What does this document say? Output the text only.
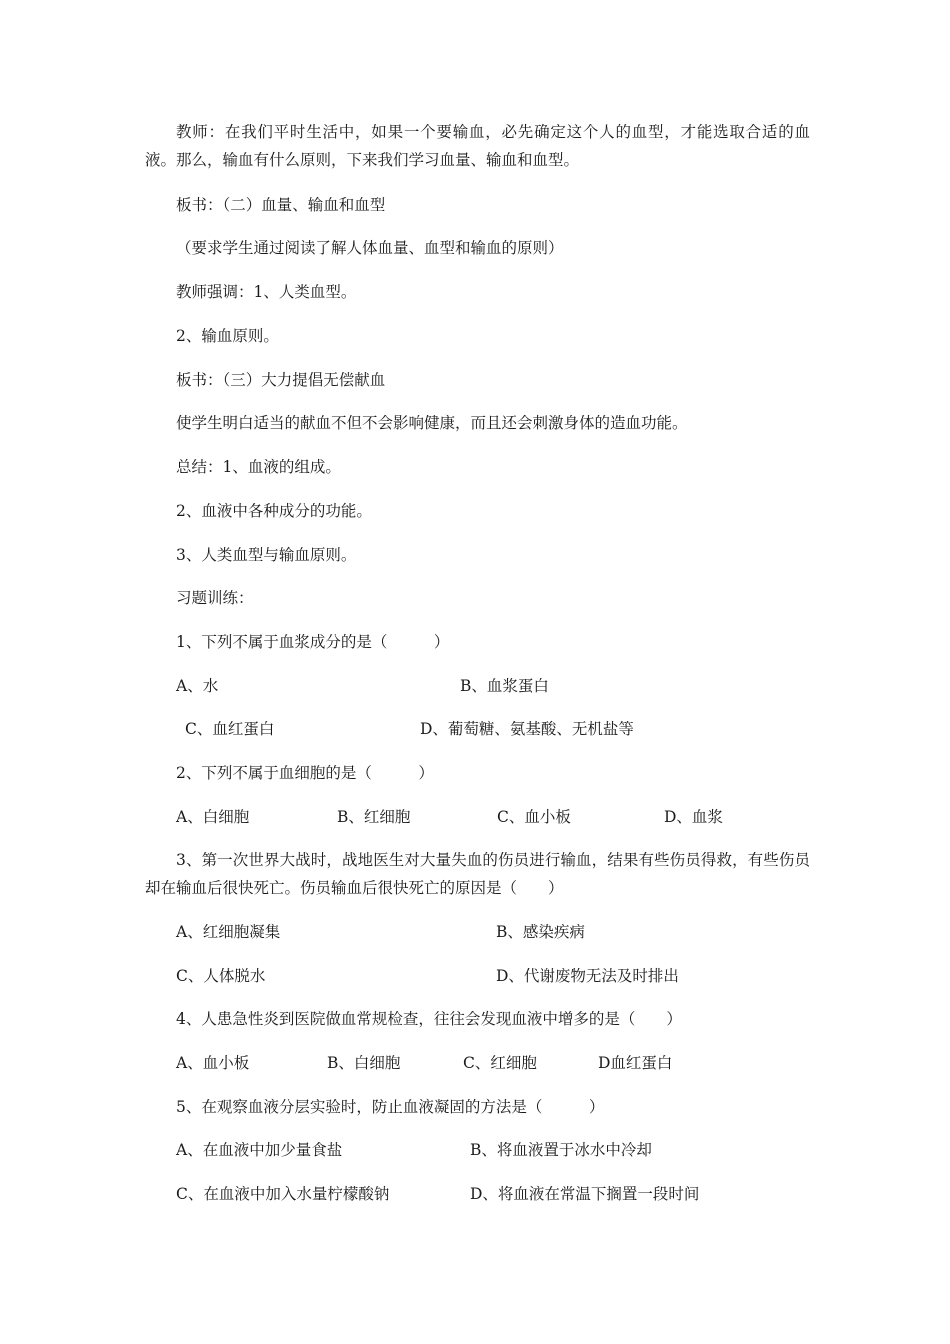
教师：在我们平时生活中，如果一个要输血，必先确定这个人的血型，才能选取合适的血液。那么，输血有什么原则，下来我们学习血量、输血和血型。
板书：（二）血量、输血和血型
（要求学生通过阅读了解人体血量、血型和输血的原则）
教师强调：1、人类血型。
2、输血原则。
板书：（三）大力提倡无偿献血
使学生明白适当的献血不但不会影响健康，而且还会刺激身体的造血功能。
总结：1、血液的组成。
2、血液中各种成分的功能。
3、人类血型与输血原则。
习题训练：
1、下列不属于血浆成分的是（　　　）
A、水	B、血浆蛋白
C、血红蛋白	D、葡萄糖、氨基酸、无机盐等
2、下列不属于血细胞的是（　　　）
A、白细胞	B、红细胞	C、血小板	D、血浆
3、第一次世界大战时，战地医生对大量失血的伤员进行输血，结果有些伤员得救，有些伤员却在输血后很快死亡。伤员输血后很快死亡的原因是（　　）
A、红细胞凝集	B、感染疾病
C、人体脱水	D、代谢废物无法及时排出
4、人患急性炎到医院做血常规检查，往往会发现血液中增多的是（　　）
A、血小板	B、白细胞	C、红细胞	D血红蛋白
5、在观察血液分层实验时，防止血液凝固的方法是（　　　）
A、在血液中加少量食盐	B、将血液置于冰水中冷却
C、在血液中加入水量柠檬酸钠	D、将血液在常温下搁置一段时间
